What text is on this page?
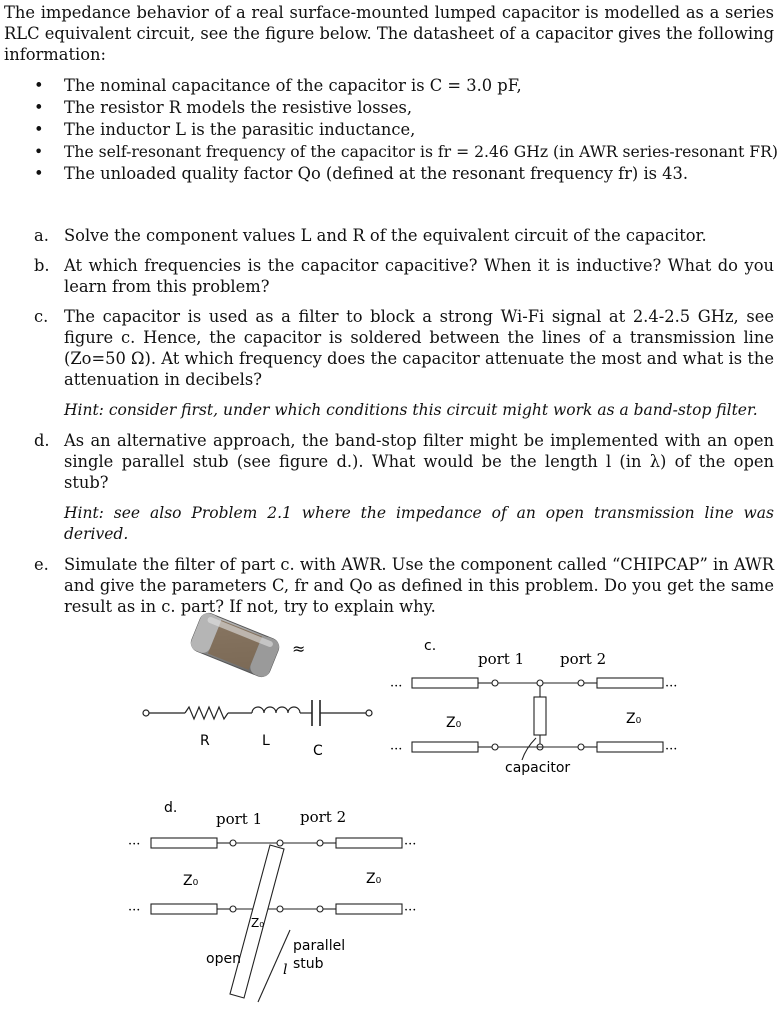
The impedance behavior of a real surface-mounted lumped capacitor is modelled as a series RLC equivalent circuit, see the figure below. The datasheet of a capacitor gives the following information:
• The nominal capacitance of the capacitor is C = 3.0 pF,
• The resistor R models the resistive losses,
• The inductor L is the parasitic inductance,
• The self-resonant frequency of the capacitor is fr = 2.46 GHz (in AWR series-resonant FR)
• The unloaded quality factor Qo (defined at the resonant frequency fr) is 43.
a. Solve the component values L and R of the equivalent circuit of the capacitor.
b. At which frequencies is the capacitor capacitive? When it is inductive? What do you learn from this problem?
c. The capacitor is used as a filter to block a strong Wi-Fi signal at 2.4-2.5 GHz, see figure c. Hence, the capacitor is soldered between the lines of a transmission line (Zo=50 Ω). At which frequency does the capacitor attenuate the most and what is the attenuation in decibels?
Hint: consider first, under which conditions this circuit might work as a band-stop filter.
d. As an alternative approach, the band-stop filter might be implemented with an open single parallel stub (see figure d.). What would be the length l (in λ) of the open stub?
Hint: see also Problem 2.1 where the impedance of an open transmission line was derived.
e. Simulate the filter of part c. with AWR. Use the component called “CHIPCAP” in AWR and give the parameters C, fr and Qo as defined in this problem. Do you get the same result as in c. part? If not, try to explain why.
≈
R	L
C
c.
port 1 port 2
···	···
···	···
Z₀	Z₀
capacitor
d.
port 1	port 2
···	···
···	···
Z₀	Z₀
Z₀
open
parallel
stub
l
